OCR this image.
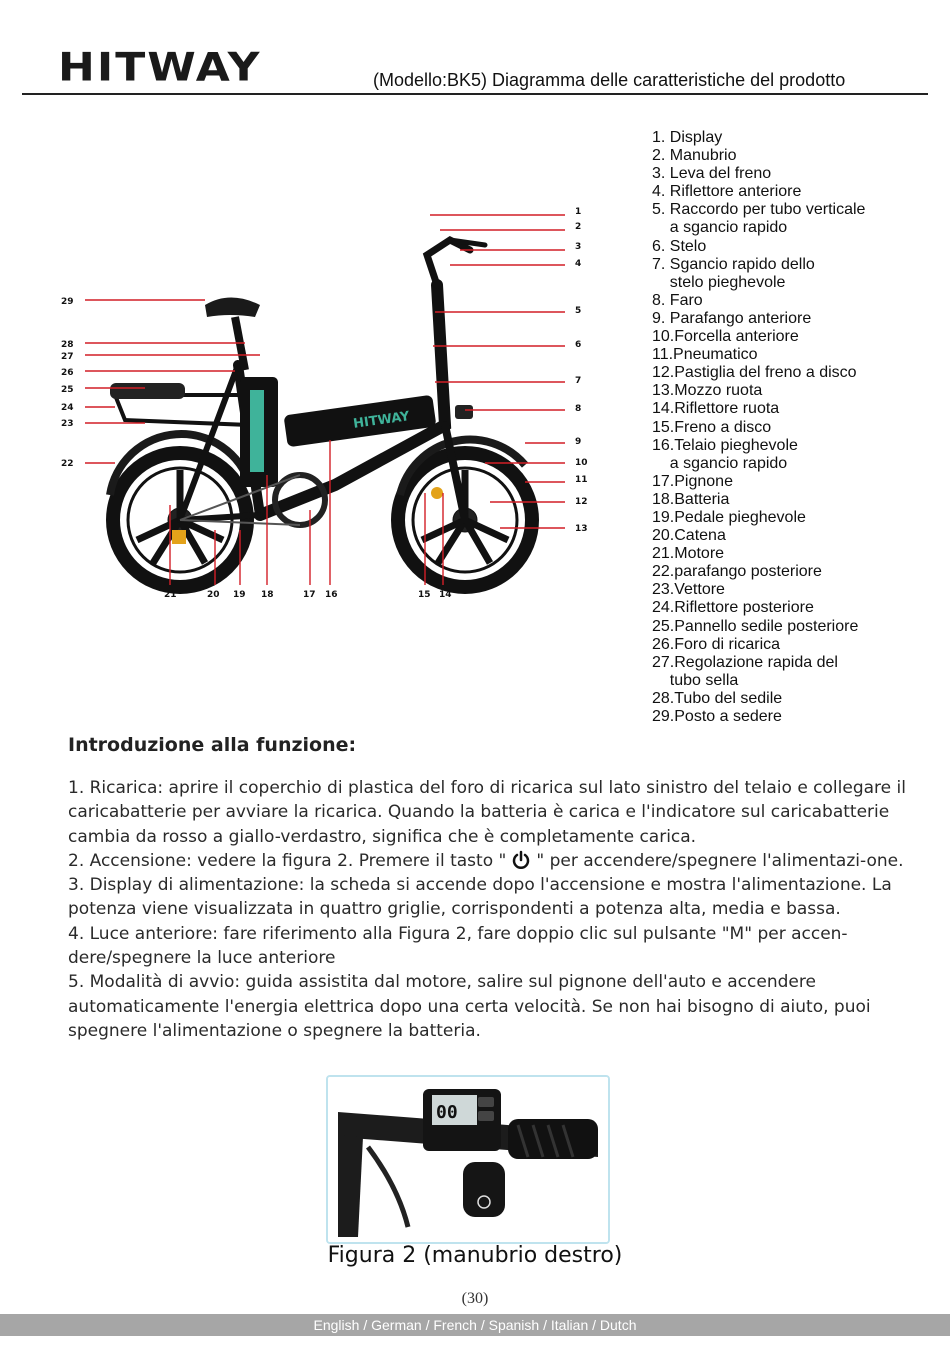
HITWAY	(Modello:BK5) Diagramma delle caratteristiche del prodotto
HITWAY
1
2
3
4
5
6
7
8
9
10
11
12
13
29
28
27
26
25
24
23
22
21	20 19 18	17 16	15 14
1. Display
2. Manubrio
3. Leva del freno
4. Riflettore anteriore
5. Raccordo per tubo verticale
a sgancio rapido
6. Stelo
7. Sgancio rapido dello
stelo pieghevole
8. Faro
9. Parafango anteriore
10.Forcella anteriore
11.Pneumatico
12.Pastiglia del freno a disco
13.Mozzo ruota
14.Riflettore ruota
15.Freno a disco
16.Telaio pieghevole
a sgancio rapido
17.Pignone
18.Batteria
19.Pedale pieghevole
20.Catena
21.Motore
22.parafango posteriore
23.Vettore
24.Riflettore posteriore
25.Pannello sedile posteriore
26.Foro di ricarica
27.Regolazione rapida del
tubo sella
28.Tubo del sedile
29.Posto a sedere
Introduzione alla funzione:

1. Ricarica: aprire il coperchio di plastica del foro di ricarica sul lato sinistro del telaio e collegare il caricabatterie per avviare la ricarica. Quando la batteria è carica e l'indicatore sul caricabatterie cambia da rosso a giallo-verdastro, significa che è completamente carica.

2. Accensione: vedere la figura 2. Premere il tasto " " per accendere/spegnere l'alimentazi-one.

3. Display di alimentazione: la scheda si accende dopo l'accensione e mostra l'alimentazione. La potenza viene visualizzata in quattro griglie, corrispondenti a potenza alta, media e bassa.

4. Luce anteriore: fare riferimento alla Figura 2, fare doppio clic sul pulsante "M" per accen-dere/spegnere la luce anteriore

5. Modalità di avvio: guida assistita dal motore, salire sul pignone dell'auto e accendere automaticamente l'energia elettrica dopo una certa velocità. Se non hai bisogno di aiuto, puoi spegnere l'alimentazione o spegnere la batteria.

00
Figura 2 (manubrio destro)
(30)
English / German / French / Spanish / Italian / Dutch
